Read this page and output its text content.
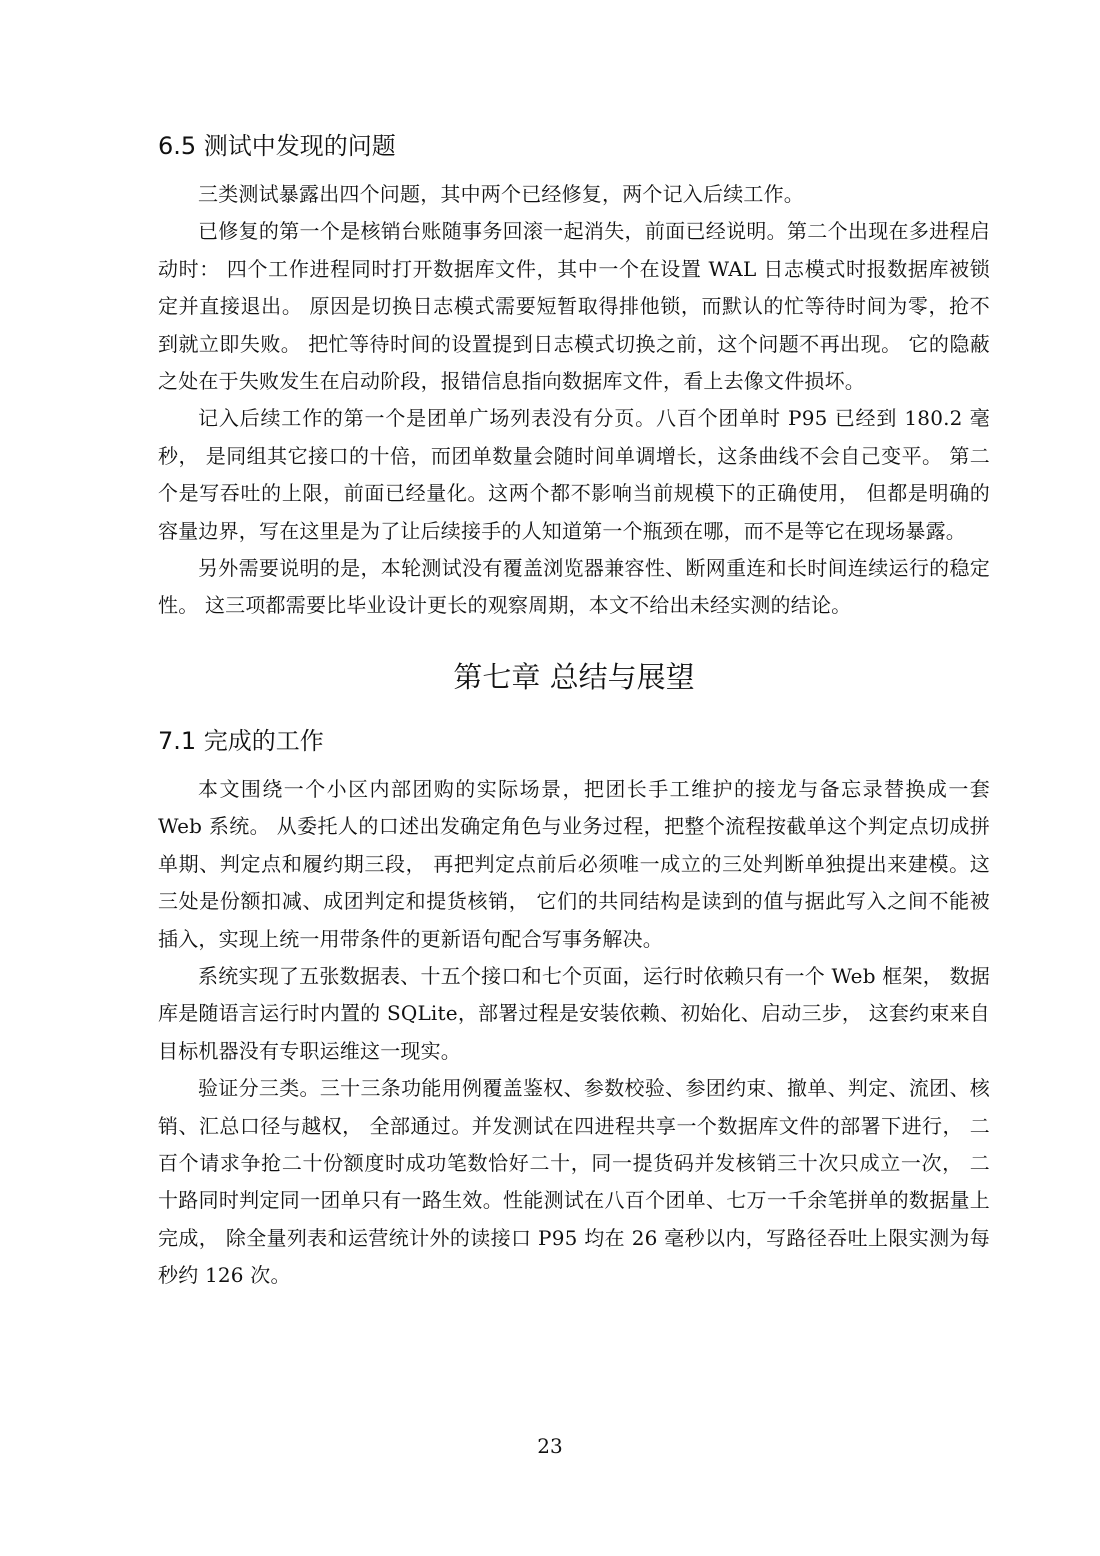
6.5 测试中发现的问题

三类测试暴露出四个问题，其中两个已经修复，两个记入后续工作。

已修复的第一个是核销台账随事务回滚一起消失，前面已经说明。第二个出现在多进程启动时： 四个工作进程同时打开数据库文件，其中一个在设置 WAL 日志模式时报数据库被锁定并直接退出。 原因是切换日志模式需要短暂取得排他锁，而默认的忙等待时间为零，抢不到就立即失败。 把忙等待时间的设置提到日志模式切换之前，这个问题不再出现。 它的隐蔽之处在于失败发生在启动阶段，报错信息指向数据库文件，看上去像文件损坏。

记入后续工作的第一个是团单广场列表没有分页。八百个团单时 P95 已经到 180.2 毫秒， 是同组其它接口的十倍，而团单数量会随时间单调增长，这条曲线不会自己变平。 第二个是写吞吐的上限，前面已经量化。这两个都不影响当前规模下的正确使用， 但都是明确的容量边界，写在这里是为了让后续接手的人知道第一个瓶颈在哪，而不是等它在现场暴露。

另外需要说明的是，本轮测试没有覆盖浏览器兼容性、断网重连和长时间连续运行的稳定性。 这三项都需要比毕业设计更长的观察周期，本文不给出未经实测的结论。

第七章 总结与展望
7.1 完成的工作

本文围绕一个小区内部团购的实际场景，把团长手工维护的接龙与备忘录替换成一套 Web 系统。 从委托人的口述出发确定角色与业务过程，把整个流程按截单这个判定点切成拼单期、判定点和履约期三段， 再把判定点前后必须唯一成立的三处判断单独提出来建模。这三处是份额扣减、成团判定和提货核销， 它们的共同结构是读到的值与据此写入之间不能被插入，实现上统一用带条件的更新语句配合写事务解决。

系统实现了五张数据表、十五个接口和七个页面，运行时依赖只有一个 Web 框架， 数据库是随语言运行时内置的 SQLite，部署过程是安装依赖、初始化、启动三步， 这套约束来自目标机器没有专职运维这一现实。

验证分三类。三十三条功能用例覆盖鉴权、参数校验、参团约束、撤单、判定、流团、核销、汇总口径与越权， 全部通过。并发测试在四进程共享一个数据库文件的部署下进行， 二百个请求争抢二十份额度时成功笔数恰好二十，同一提货码并发核销三十次只成立一次， 二十路同时判定同一团单只有一路生效。性能测试在八百个团单、七万一千余笔拼单的数据量上完成， 除全量列表和运营统计外的读接口 P95 均在 26 毫秒以内，写路径吞吐上限实测为每秒约 126 次。

23
